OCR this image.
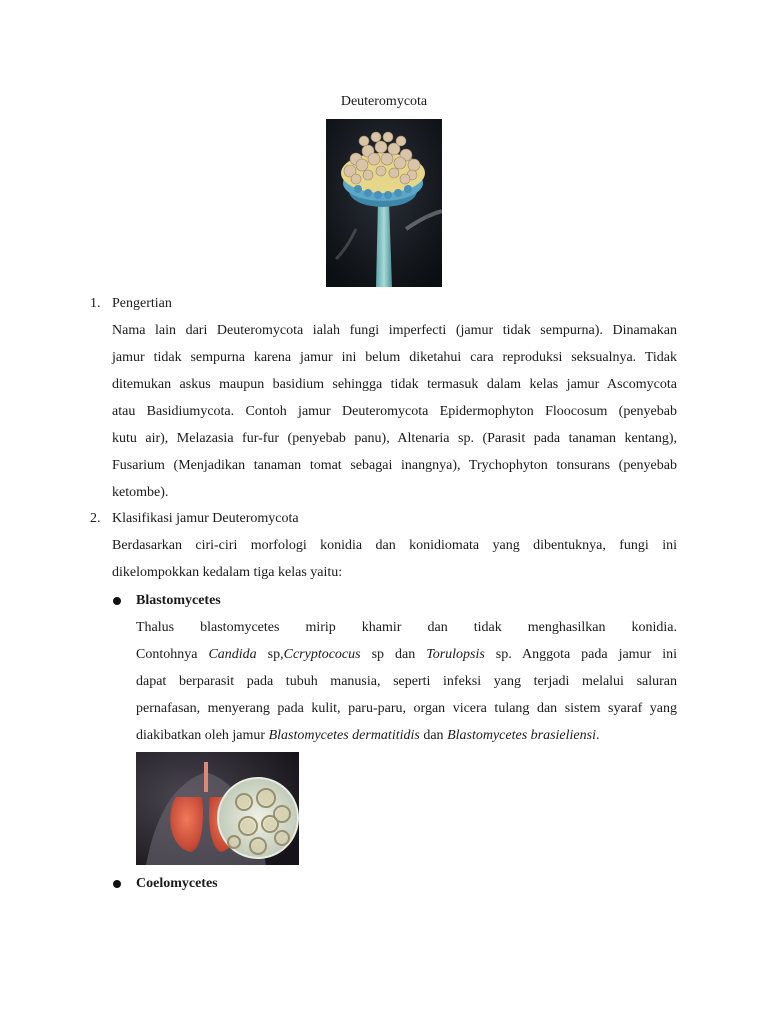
Deuteromycota
1. Pengertian
Nama lain dari Deuteromycota ialah fungi imperfecti (jamur tidak sempurna). Dinamakan
jamur tidak sempurna karena jamur ini belum diketahui cara reproduksi seksualnya. Tidak
ditemukan askus maupun basidium sehingga tidak termasuk dalam kelas jamur Ascomycota
atau Basidiumycota. Contoh jamur Deuteromycota Epidermophyton Floocosum (penyebab
kutu air), Melazasia fur-fur (penyebab panu), Altenaria sp. (Parasit pada tanaman kentang),
Fusarium (Menjadikan tanaman tomat sebagai inangnya), Trychophyton tonsurans (penyebab
ketombe).
2. Klasifikasi jamur Deuteromycota
Berdasarkan ciri-ciri morfologi konidia dan konidiomata yang dibentuknya, fungi ini
dikelompokkan kedalam tiga kelas yaitu:
Blastomycetes
Thalus blastomycetes mirip khamir dan tidak menghasilkan konidia.
Contohnya Candida sp,Ccryptococus sp dan Torulopsis sp. Anggota pada jamur ini
dapat berparasit pada tubuh manusia, seperti infeksi yang terjadi melalui saluran
pernafasan, menyerang pada kulit, paru-paru, organ vicera tulang dan sistem syaraf yang
diakibatkan oleh jamur Blastomycetes dermatitidis dan Blastomycetes brasieliensi.
Coelomycetes
